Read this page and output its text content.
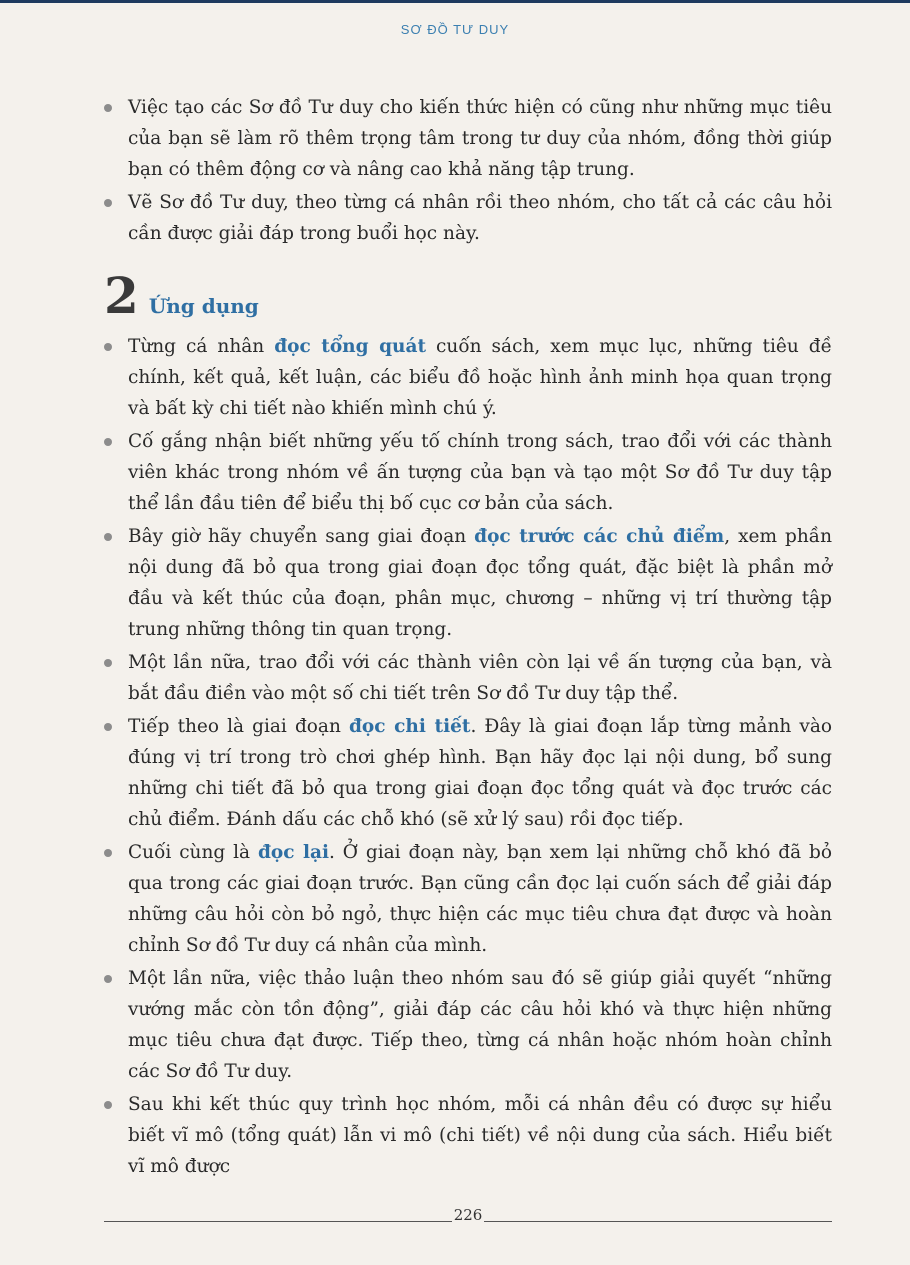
SƠ ĐỒ TƯ DUY
Việc tạo các Sơ đồ Tư duy cho kiến thức hiện có cũng như những mục tiêu của bạn sẽ làm rõ thêm trọng tâm trong tư duy của nhóm, đồng thời giúp bạn có thêm động cơ và nâng cao khả năng tập trung.
Vẽ Sơ đồ Tư duy, theo từng cá nhân rồi theo nhóm, cho tất cả các câu hỏi cần được giải đáp trong buổi học này.
2 Ứng dụng
Từng cá nhân đọc tổng quát cuốn sách, xem mục lục, những tiêu đề chính, kết quả, kết luận, các biểu đồ hoặc hình ảnh minh họa quan trọng và bất kỳ chi tiết nào khiến mình chú ý.
Cố gắng nhận biết những yếu tố chính trong sách, trao đổi với các thành viên khác trong nhóm về ấn tượng của bạn và tạo một Sơ đồ Tư duy tập thể lần đầu tiên để biểu thị bố cục cơ bản của sách.
Bây giờ hãy chuyển sang giai đoạn đọc trước các chủ điểm, xem phần nội dung đã bỏ qua trong giai đoạn đọc tổng quát, đặc biệt là phần mở đầu và kết thúc của đoạn, phân mục, chương – những vị trí thường tập trung những thông tin quan trọng.
Một lần nữa, trao đổi với các thành viên còn lại về ấn tượng của bạn, và bắt đầu điền vào một số chi tiết trên Sơ đồ Tư duy tập thể.
Tiếp theo là giai đoạn đọc chi tiết. Đây là giai đoạn lắp từng mảnh vào đúng vị trí trong trò chơi ghép hình. Bạn hãy đọc lại nội dung, bổ sung những chi tiết đã bỏ qua trong giai đoạn đọc tổng quát và đọc trước các chủ điểm. Đánh dấu các chỗ khó (sẽ xử lý sau) rồi đọc tiếp.
Cuối cùng là đọc lại. Ở giai đoạn này, bạn xem lại những chỗ khó đã bỏ qua trong các giai đoạn trước. Bạn cũng cần đọc lại cuốn sách để giải đáp những câu hỏi còn bỏ ngỏ, thực hiện các mục tiêu chưa đạt được và hoàn chỉnh Sơ đồ Tư duy cá nhân của mình.
Một lần nữa, việc thảo luận theo nhóm sau đó sẽ giúp giải quyết “những vướng mắc còn tồn động”, giải đáp các câu hỏi khó và thực hiện những mục tiêu chưa đạt được. Tiếp theo, từng cá nhân hoặc nhóm hoàn chỉnh các Sơ đồ Tư duy.
Sau khi kết thúc quy trình học nhóm, mỗi cá nhân đều có được sự hiểu biết vĩ mô (tổng quát) lẫn vi mô (chi tiết) về nội dung của sách. Hiểu biết vĩ mô được
226
